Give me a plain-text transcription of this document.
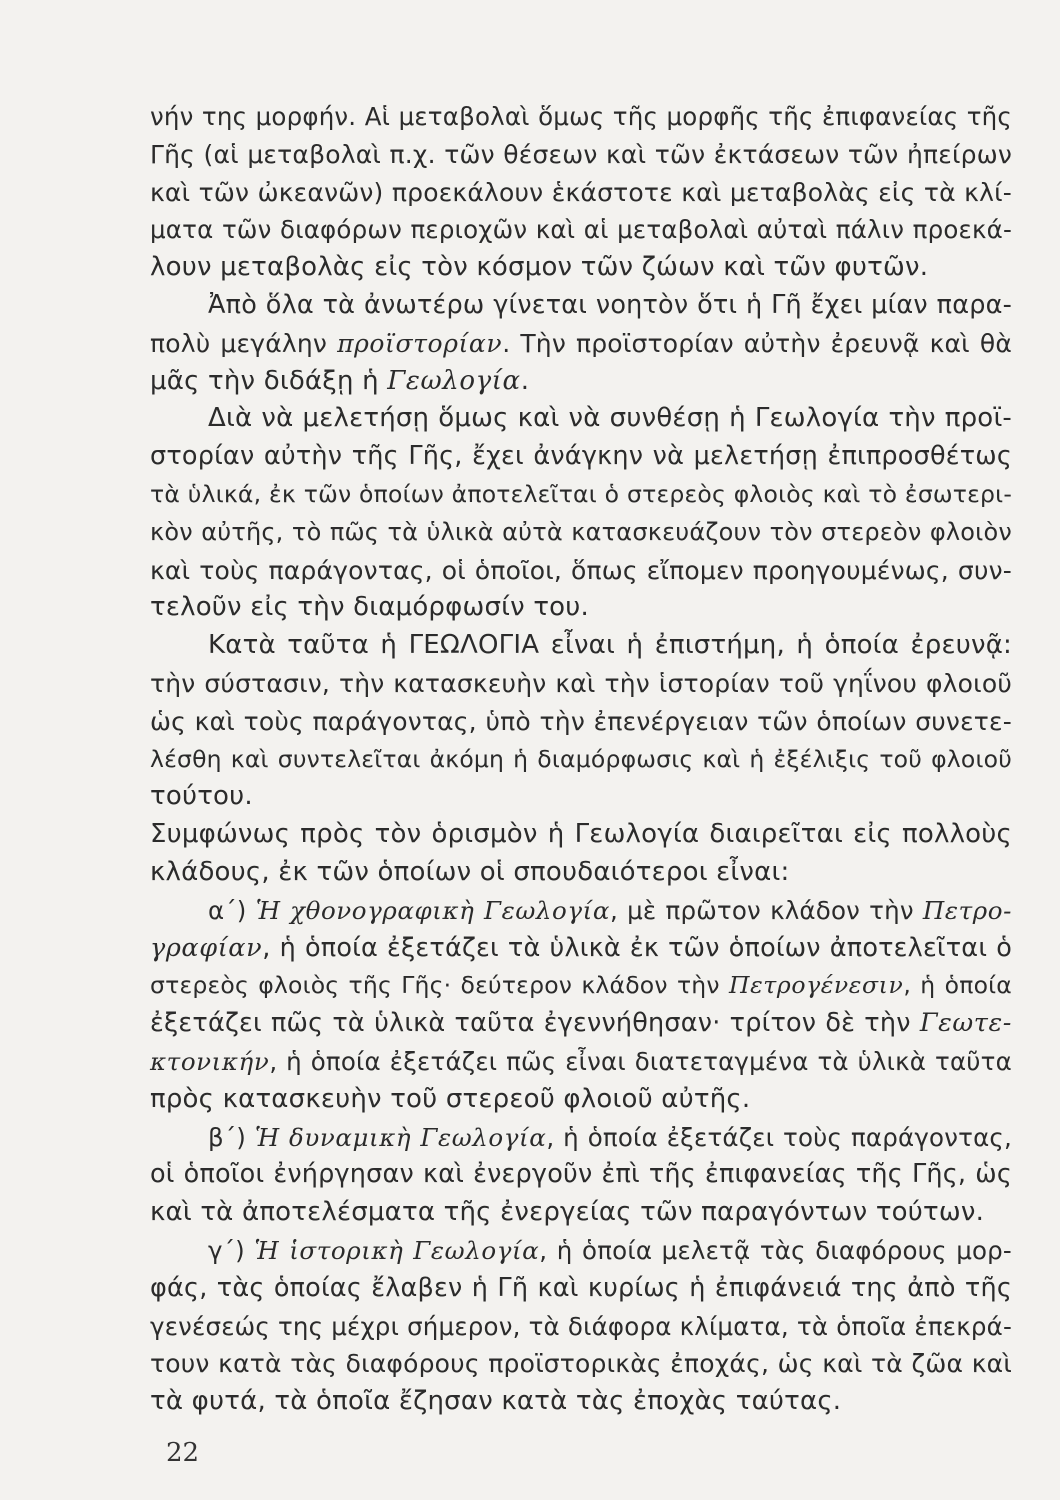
νήν της μορφήν. Αἱ μεταβολαὶ ὅμως τῆς μορφῆς τῆς ἐπιφανείας τῆς
Γῆς (αἱ μεταβολαὶ π.χ. τῶν θέσεων καὶ τῶν ἐκτάσεων τῶν ἠπείρων
καὶ τῶν ὠκεανῶν) προεκάλουν ἑκάστοτε καὶ μεταβολὰς εἰς τὰ κλί-
ματα τῶν διαφόρων περιοχῶν καὶ αἱ μεταβολαὶ αὐταὶ πάλιν προεκά-
λουν μεταβολὰς εἰς τὸν κόσμον τῶν ζώων καὶ τῶν φυτῶν.
Ἀπὸ ὅλα τὰ ἀνωτέρω γίνεται νοητὸν ὅτι ἡ Γῆ ἔχει μίαν παρα-
πολὺ μεγάλην προϊστορίαν. Τὴν προϊστορίαν αὐτὴν ἐρευνᾷ καὶ θὰ
μᾶς τὴν διδάξῃ ἡ Γεωλογία.
Διὰ νὰ μελετήσῃ ὅμως καὶ νὰ συνθέσῃ ἡ Γεωλογία τὴν προϊ-
στορίαν αὐτὴν τῆς Γῆς, ἔχει ἀνάγκην νὰ μελετήσῃ ἐπιπροσθέτως
τὰ ὑλικά, ἐκ τῶν ὁποίων ἀποτελεῖται ὁ στερεὸς φλοιὸς καὶ τὸ ἐσωτερι-
κὸν αὐτῆς, τὸ πῶς τὰ ὑλικὰ αὐτὰ κατασκευάζουν τὸν στερεὸν φλοιὸν
καὶ τοὺς παράγοντας, οἱ ὁποῖοι, ὅπως εἴπομεν προηγουμένως, συν-
τελοῦν εἰς τὴν διαμόρφωσίν του.
Κατὰ ταῦτα ἡ ΓΕΩΛΟΓΙΑ εἶναι ἡ ἐπιστήμη, ἡ ὁποία ἐρευνᾷ:
τὴν σύστασιν, τὴν κατασκευὴν καὶ τὴν ἱστορίαν τοῦ γηΐνου φλοιοῦ
ὡς καὶ τοὺς παράγοντας, ὑπὸ τὴν ἐπενέργειαν τῶν ὁποίων συνετε-
λέσθη καὶ συντελεῖται ἀκόμη ἡ διαμόρφωσις καὶ ἡ ἐξέλιξις τοῦ φλοιοῦ
τούτου.
Συμφώνως πρὸς τὸν ὁρισμὸν ἡ Γεωλογία διαιρεῖται εἰς πολλοὺς
κλάδους, ἐκ τῶν ὁποίων οἱ σπουδαιότεροι εἶναι:
α΄) Ἡ χθονογραφικὴ Γεωλογία, μὲ πρῶτον κλάδον τὴν Πετρο-
γραφίαν, ἡ ὁποία ἐξετάζει τὰ ὑλικὰ ἐκ τῶν ὁποίων ἀποτελεῖται ὁ
στερεὸς φλοιὸς τῆς Γῆς· δεύτερον κλάδον τὴν Πετρογένεσιν, ἡ ὁποία
ἐξετάζει πῶς τὰ ὑλικὰ ταῦτα ἐγεννήθησαν· τρίτον δὲ τὴν Γεωτε-
κτονικήν, ἡ ὁποία ἐξετάζει πῶς εἶναι διατεταγμένα τὰ ὑλικὰ ταῦτα
πρὸς κατασκευὴν τοῦ στερεοῦ φλοιοῦ αὐτῆς.
β΄) Ἡ δυναμικὴ Γεωλογία, ἡ ὁποία ἐξετάζει τοὺς παράγοντας,
οἱ ὁποῖοι ἐνήργησαν καὶ ἐνεργοῦν ἐπὶ τῆς ἐπιφανείας τῆς Γῆς, ὡς
καὶ τὰ ἀποτελέσματα τῆς ἐνεργείας τῶν παραγόντων τούτων.
γ΄) Ἡ ἱστορικὴ Γεωλογία, ἡ ὁποία μελετᾷ τὰς διαφόρους μορ-
φάς, τὰς ὁποίας ἔλαβεν ἡ Γῆ καὶ κυρίως ἡ ἐπιφάνειά της ἀπὸ τῆς
γενέσεώς της μέχρι σήμερον, τὰ διάφορα κλίματα, τὰ ὁποῖα ἐπεκρά-
τουν κατὰ τὰς διαφόρους προϊστορικὰς ἐποχάς, ὡς καὶ τὰ ζῶα καὶ
τὰ φυτά, τὰ ὁποῖα ἔζησαν κατὰ τὰς ἐποχὰς ταύτας.
22
